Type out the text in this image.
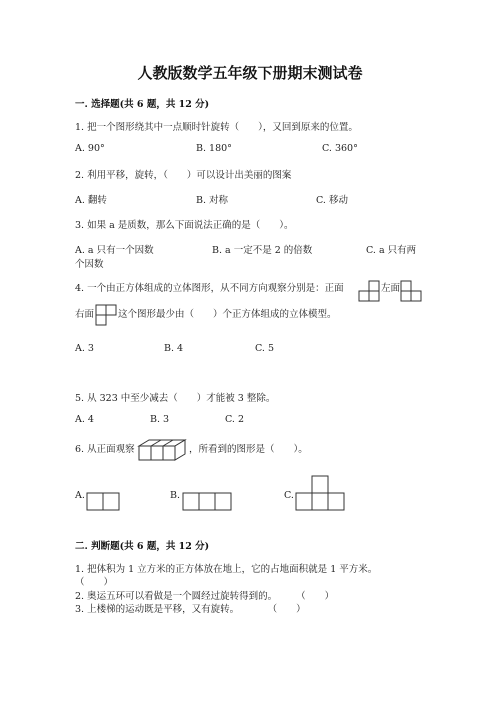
人教版数学五年级下册期末测试卷
一. 选择题(共 6 题，共 12 分)
1. 把一个图形绕其中一点顺时针旋转（　　），又回到原来的位置。
A. 90°	B. 180°	C. 360°
2. 利用平移，旋转，（　　）可以设计出美丽的图案
A. 翻转	B. 对称	C. 移动
3. 如果 a 是质数，那么下面说法正确的是（　　）。
A. a 只有一个因数	B. a 一定不是 2 的倍数	C. a 只有两
个因数
4. 一个由正方体组成的立体图形，从不同方向观察分别是：正面	左面
右面	这个图形最少由（　　）个正方体组成的立体模型。
A. 3	B. 4	C. 5
5. 从 323 中至少减去（　　）才能被 3 整除。
A. 4	B. 3	C. 2
6. 从正面观察	，所看到的图形是（　　）。
A.	B.	C.
二. 判断题(共 6 题，共 12 分)
1. 把体积为 1 立方米的正方体放在地上，它的占地面积就是 1 平方米。
（　　）
2. 奥运五环可以看做是一个圆经过旋转得到的。　　　（　　）
3. 上楼梯的运动既是平移，又有旋转。　　　　（　　）
